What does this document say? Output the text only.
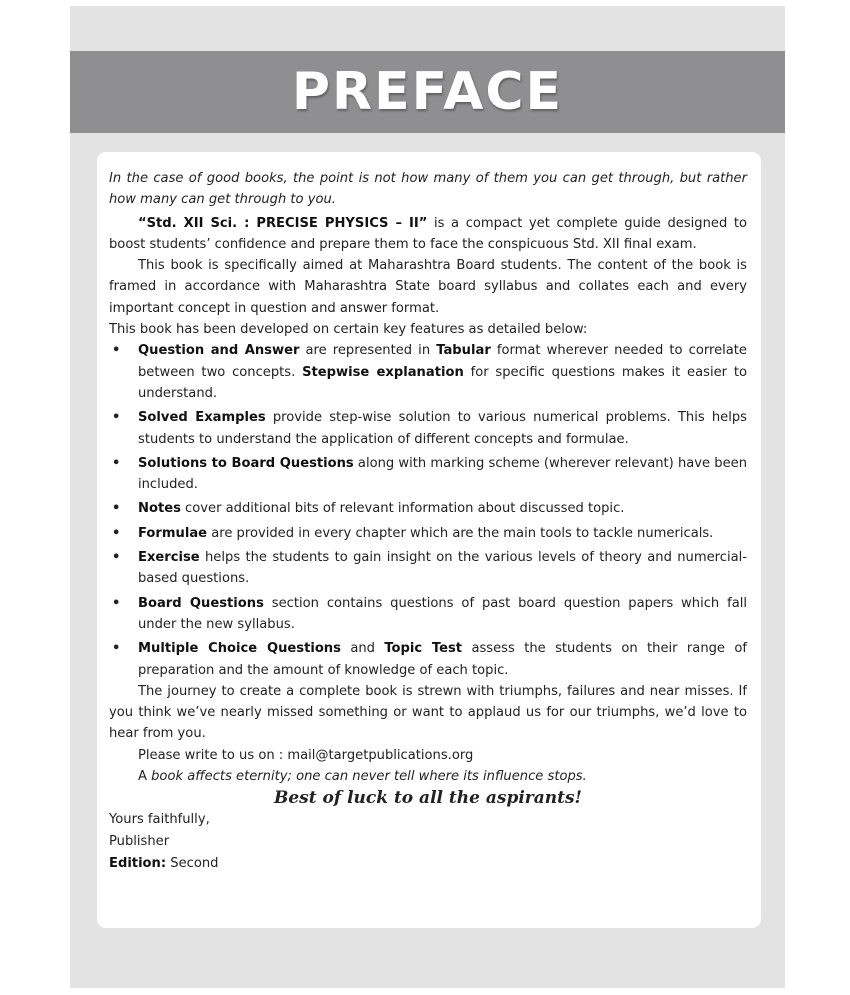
PREFACE

In the case of good books, the point is not how many of them you can get through, but rather how many can get through to you.

“Std. XII Sci. : PRECISE PHYSICS – II” is a compact yet complete guide designed to boost students’ confidence and prepare them to face the conspicuous Std. XII final exam.

This book is specifically aimed at Maharashtra Board students. The content of the book is framed in accordance with Maharashtra State board syllabus and collates each and every important concept in question and answer format.

This book has been developed on certain key features as detailed below:

• Question and Answer are represented in Tabular format wherever needed to correlate between two concepts. Stepwise explanation for specific questions makes it easier to understand.
• Solved Examples provide step-wise solution to various numerical problems. This helps students to understand the application of different concepts and formulae.
• Solutions to Board Questions along with marking scheme (wherever relevant) have been included.
• Notes cover additional bits of relevant information about discussed topic.
• Formulae are provided in every chapter which are the main tools to tackle numericals.
• Exercise helps the students to gain insight on the various levels of theory and numercial-based questions.
• Board Questions section contains questions of past board question papers which fall under the new syllabus.
• Multiple Choice Questions and Topic Test assess the students on their range of preparation and the amount of knowledge of each topic.

The journey to create a complete book is strewn with triumphs, failures and near misses. If you think we’ve nearly missed something or want to applaud us for our triumphs, we’d love to hear from you.

Please write to us on : mail@targetpublications.org

A book affects eternity; one can never tell where its influence stops.

Best of luck to all the aspirants!

Yours faithfully,

Publisher

Edition: Second
